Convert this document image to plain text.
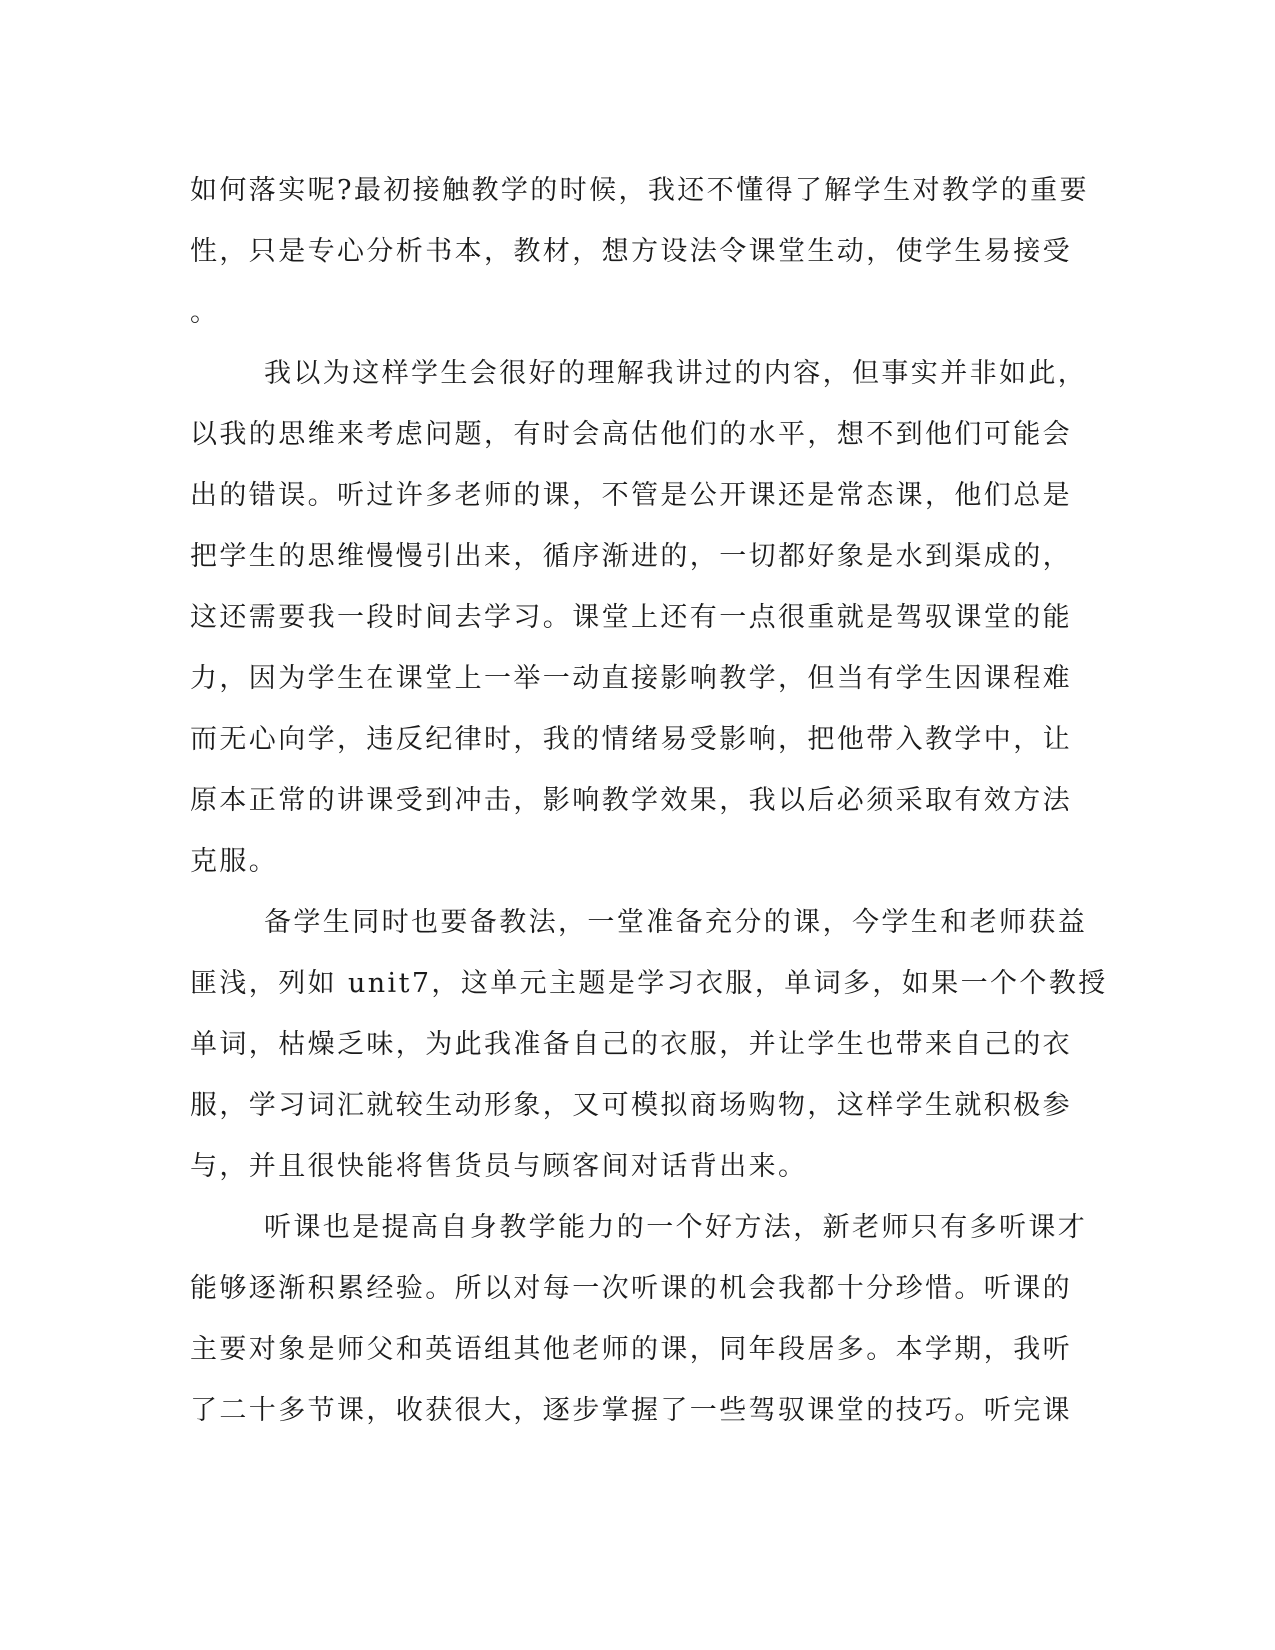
如何落实呢?最初接触教学的时候，我还不懂得了解学生对教学的重要
性，只是专心分析书本，教材，想方设法令课堂生动，使学生易接受
。
我以为这样学生会很好的理解我讲过的内容，但事实并非如此，
以我的思维来考虑问题，有时会高估他们的水平，想不到他们可能会
出的错误。听过许多老师的课，不管是公开课还是常态课，他们总是
把学生的思维慢慢引出来，循序渐进的，一切都好象是水到渠成的，
这还需要我一段时间去学习。课堂上还有一点很重就是驾驭课堂的能
力，因为学生在课堂上一举一动直接影响教学，但当有学生因课程难
而无心向学，违反纪律时，我的情绪易受影响，把他带入教学中，让
原本正常的讲课受到冲击，影响教学效果，我以后必须采取有效方法
克服。
备学生同时也要备教法，一堂准备充分的课，今学生和老师获益
匪浅，列如 unit7，这单元主题是学习衣服，单词多，如果一个个教授
单词，枯燥乏味，为此我准备自己的衣服，并让学生也带来自己的衣
服，学习词汇就较生动形象，又可模拟商场购物，这样学生就积极参
与，并且很快能将售货员与顾客间对话背出来。
听课也是提高自身教学能力的一个好方法，新老师只有多听课才
能够逐渐积累经验。所以对每一次听课的机会我都十分珍惜。听课的
主要对象是师父和英语组其他老师的课，同年段居多。本学期，我听
了二十多节课，收获很大，逐步掌握了一些驾驭课堂的技巧。听完课
